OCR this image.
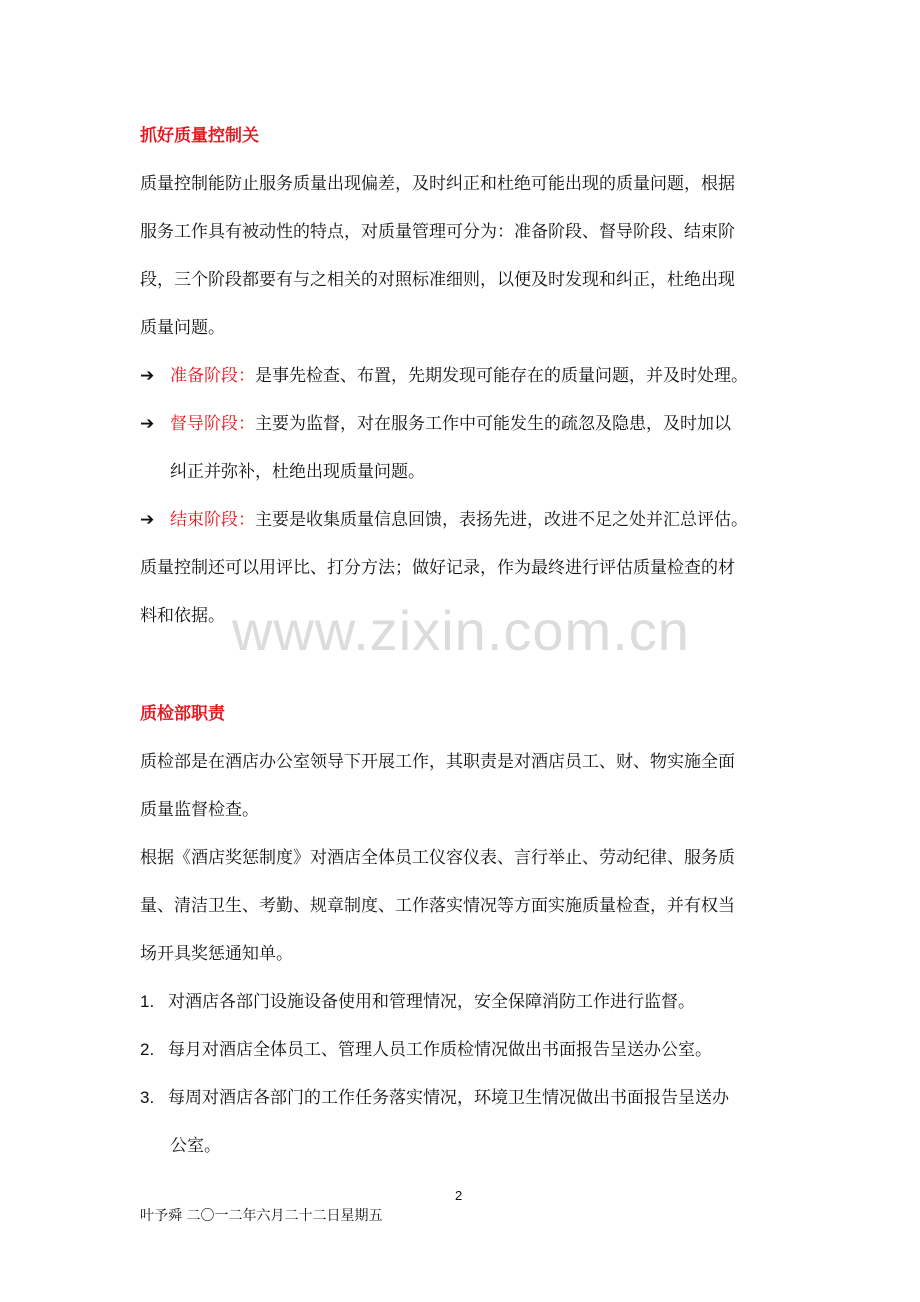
抓好质量控制关
质量控制能防止服务质量出现偏差，及时纠正和杜绝可能出现的质量问题，根据
服务工作具有被动性的特点，对质量管理可分为：准备阶段、督导阶段、结束阶
段，三个阶段都要有与之相关的对照标准细则，以便及时发现和纠正，杜绝出现
质量问题。
➔ 准备阶段：是事先检查、布置，先期发现可能存在的质量问题，并及时处理。
➔ 督导阶段：主要为监督，对在服务工作中可能发生的疏忽及隐患，及时加以
纠正并弥补，杜绝出现质量问题。
➔ 结束阶段：主要是收集质量信息回馈，表扬先进，改进不足之处并汇总评估。
质量控制还可以用评比、打分方法；做好记录，作为最终进行评估质量检查的材
料和依据。 www.zixin.com.cn
质检部职责
质检部是在酒店办公室领导下开展工作，其职责是对酒店员工、财、物实施全面
质量监督检查。
根据《酒店奖惩制度》对酒店全体员工仪容仪表、言行举止、劳动纪律、服务质
量、清洁卫生、考勤、规章制度、工作落实情况等方面实施质量检查，并有权当
场开具奖惩通知单。
1. 对酒店各部门设施设备使用和管理情况，安全保障消防工作进行监督。
2. 每月对酒店全体员工、管理人员工作质检情况做出书面报告呈送办公室。
3. 每周对酒店各部门的工作任务落实情况，环境卫生情况做出书面报告呈送办
公室。
2
叶予舜 二〇一二年六月二十二日星期五
